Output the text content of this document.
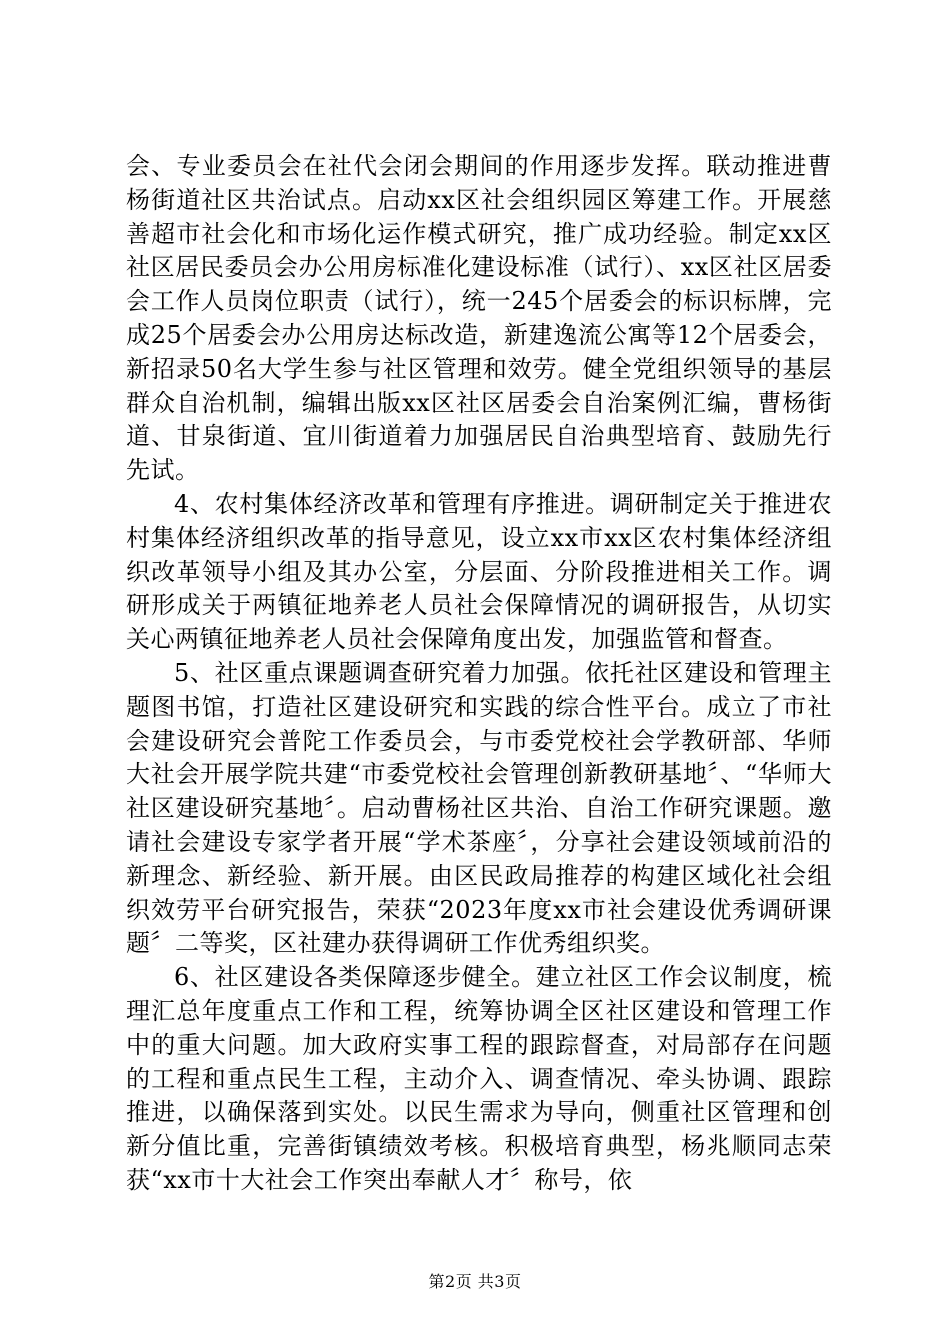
会、专业委员会在社代会闭会期间的作用逐步发挥。联动推进曹杨街道社区共治试点。启动xx区社会组织园区筹建工作。开展慈善超市社会化和市场化运作模式研究，推广成功经验。制定xx区社区居民委员会办公用房标准化建设标准（试行）、xx区社区居委会工作人员岗位职责（试行），统一245个居委会的标识标牌，完成25个居委会办公用房达标改造，新建逸流公寓等12个居委会，新招录50名大学生参与社区管理和效劳。健全党组织领导的基层群众自治机制，编辑出版xx区社区居委会自治案例汇编，曹杨街道、甘泉街道、宜川街道着力加强居民自治典型培育、鼓励先行先试。

4、农村集体经济改革和管理有序推进。调研制定关于推进农村集体经济组织改革的指导意见，设立xx市xx区农村集体经济组织改革领导小组及其办公室，分层面、分阶段推进相关工作。调研形成关于两镇征地养老人员社会保障情况的调研报告，从切实关心两镇征地养老人员社会保障角度出发，加强监管和督查。

5、社区重点课题调查研究着力加强。依托社区建设和管理主题图书馆，打造社区建设研究和实践的综合性平台。成立了市社会建设研究会普陀工作委员会，与市委党校社会学教研部、华师大社会开展学院共建“市委党校社会管理创新教研基地〞、“华师大社区建设研究基地〞。启动曹杨社区共治、自治工作研究课题。邀请社会建设专家学者开展“学术茶座〞，分享社会建设领域前沿的新理念、新经验、新开展。由区民政局推荐的构建区域化社会组织效劳平台研究报告，荣获“2023年度xx市社会建设优秀调研课题〞二等奖，区社建办获得调研工作优秀组织奖。

6、社区建设各类保障逐步健全。建立社区工作会议制度，梳理汇总年度重点工作和工程，统筹协调全区社区建设和管理工作中的重大问题。加大政府实事工程的跟踪督查，对局部存在问题的工程和重点民生工程，主动介入、调查情况、牵头协调、跟踪推进，以确保落到实处。以民生需求为导向，侧重社区管理和创新分值比重，完善街镇绩效考核。积极培育典型，杨兆顺同志荣获“xx市十大社会工作突出奉献人才〞称号，依

第2页 共3页
